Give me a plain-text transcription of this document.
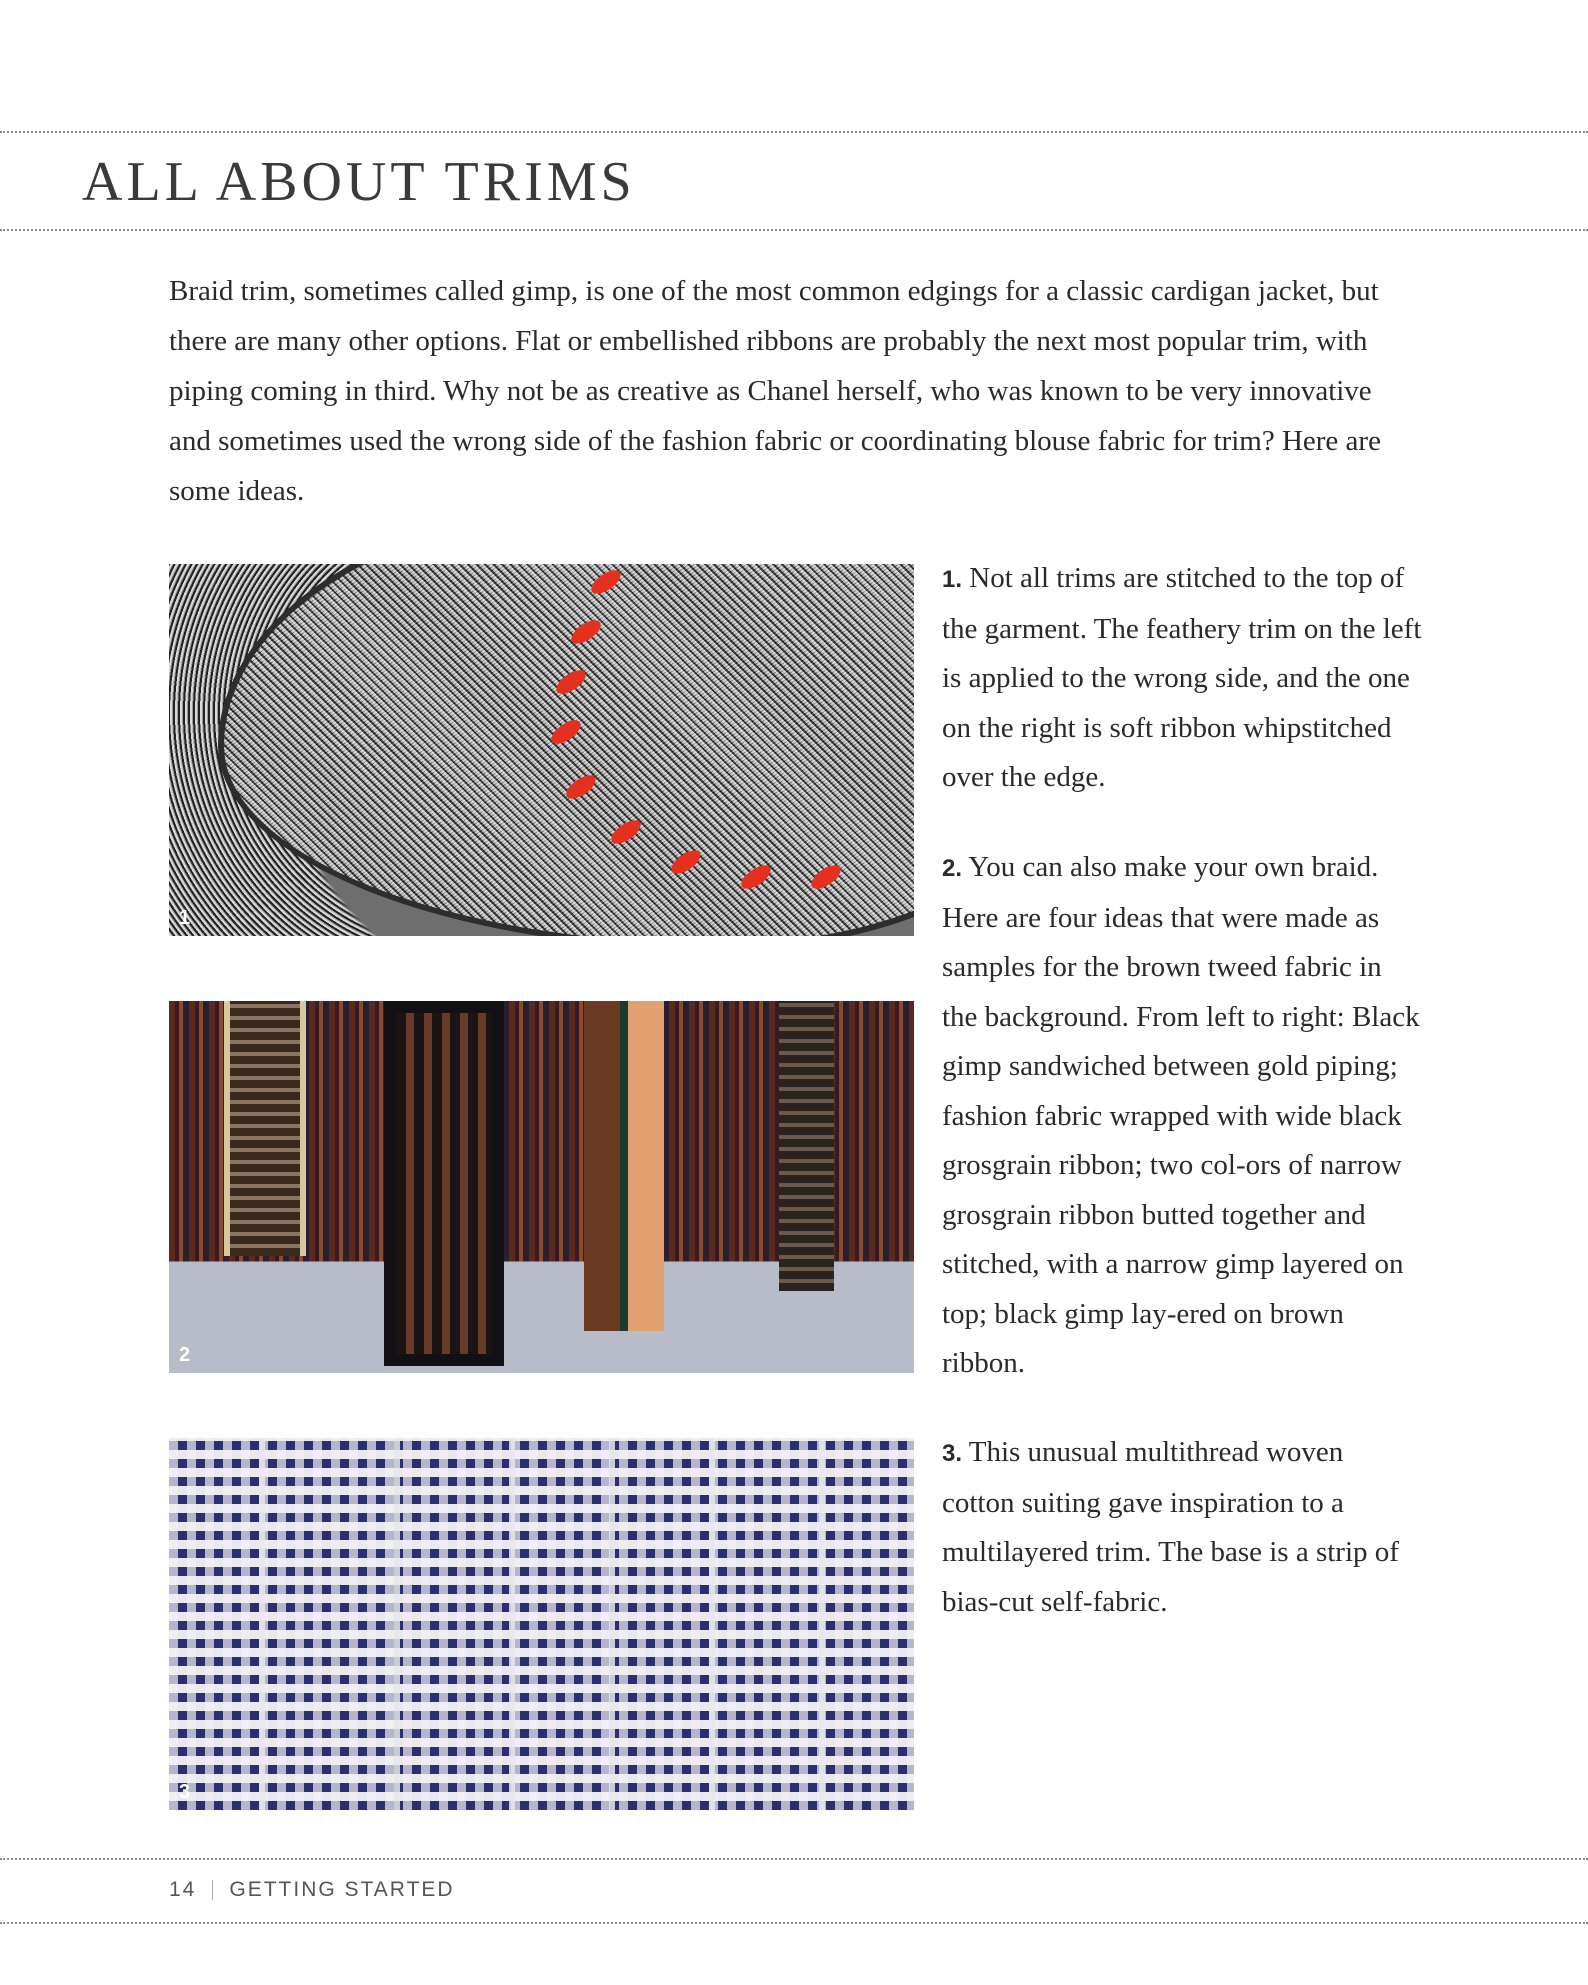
ALL ABOUT TRIMS

Braid trim, sometimes called gimp, is one of the most common edgings for a classic cardigan jacket, but there are many other options. Flat or embellished ribbons are probably the next most popular trim, with piping coming in third. Why not be as creative as Chanel herself, who was known to be very innovative and sometimes used the wrong side of the fashion fabric or coordinating blouse fabric for trim? Here are some ideas.

1
2
3

1. Not all trims are stitched to the top of the garment. The feathery trim on the left is applied to the wrong side, and the one on the right is soft ribbon whipstitched over the edge.

2. You can also make your own braid. Here are four ideas that were made as samples for the brown tweed fabric in the background. From left to right: Black gimp sandwiched between gold piping; fashion fabric wrapped with wide black grosgrain ribbon; two col-ors of narrow grosgrain ribbon butted together and stitched, with a narrow gimp layered on top; black gimp lay-ered on brown ribbon.

3. This unusual multithread woven cotton suiting gave inspiration to a multilayered trim. The base is a strip of bias-cut self-fabric.

14 GETTING STARTED
